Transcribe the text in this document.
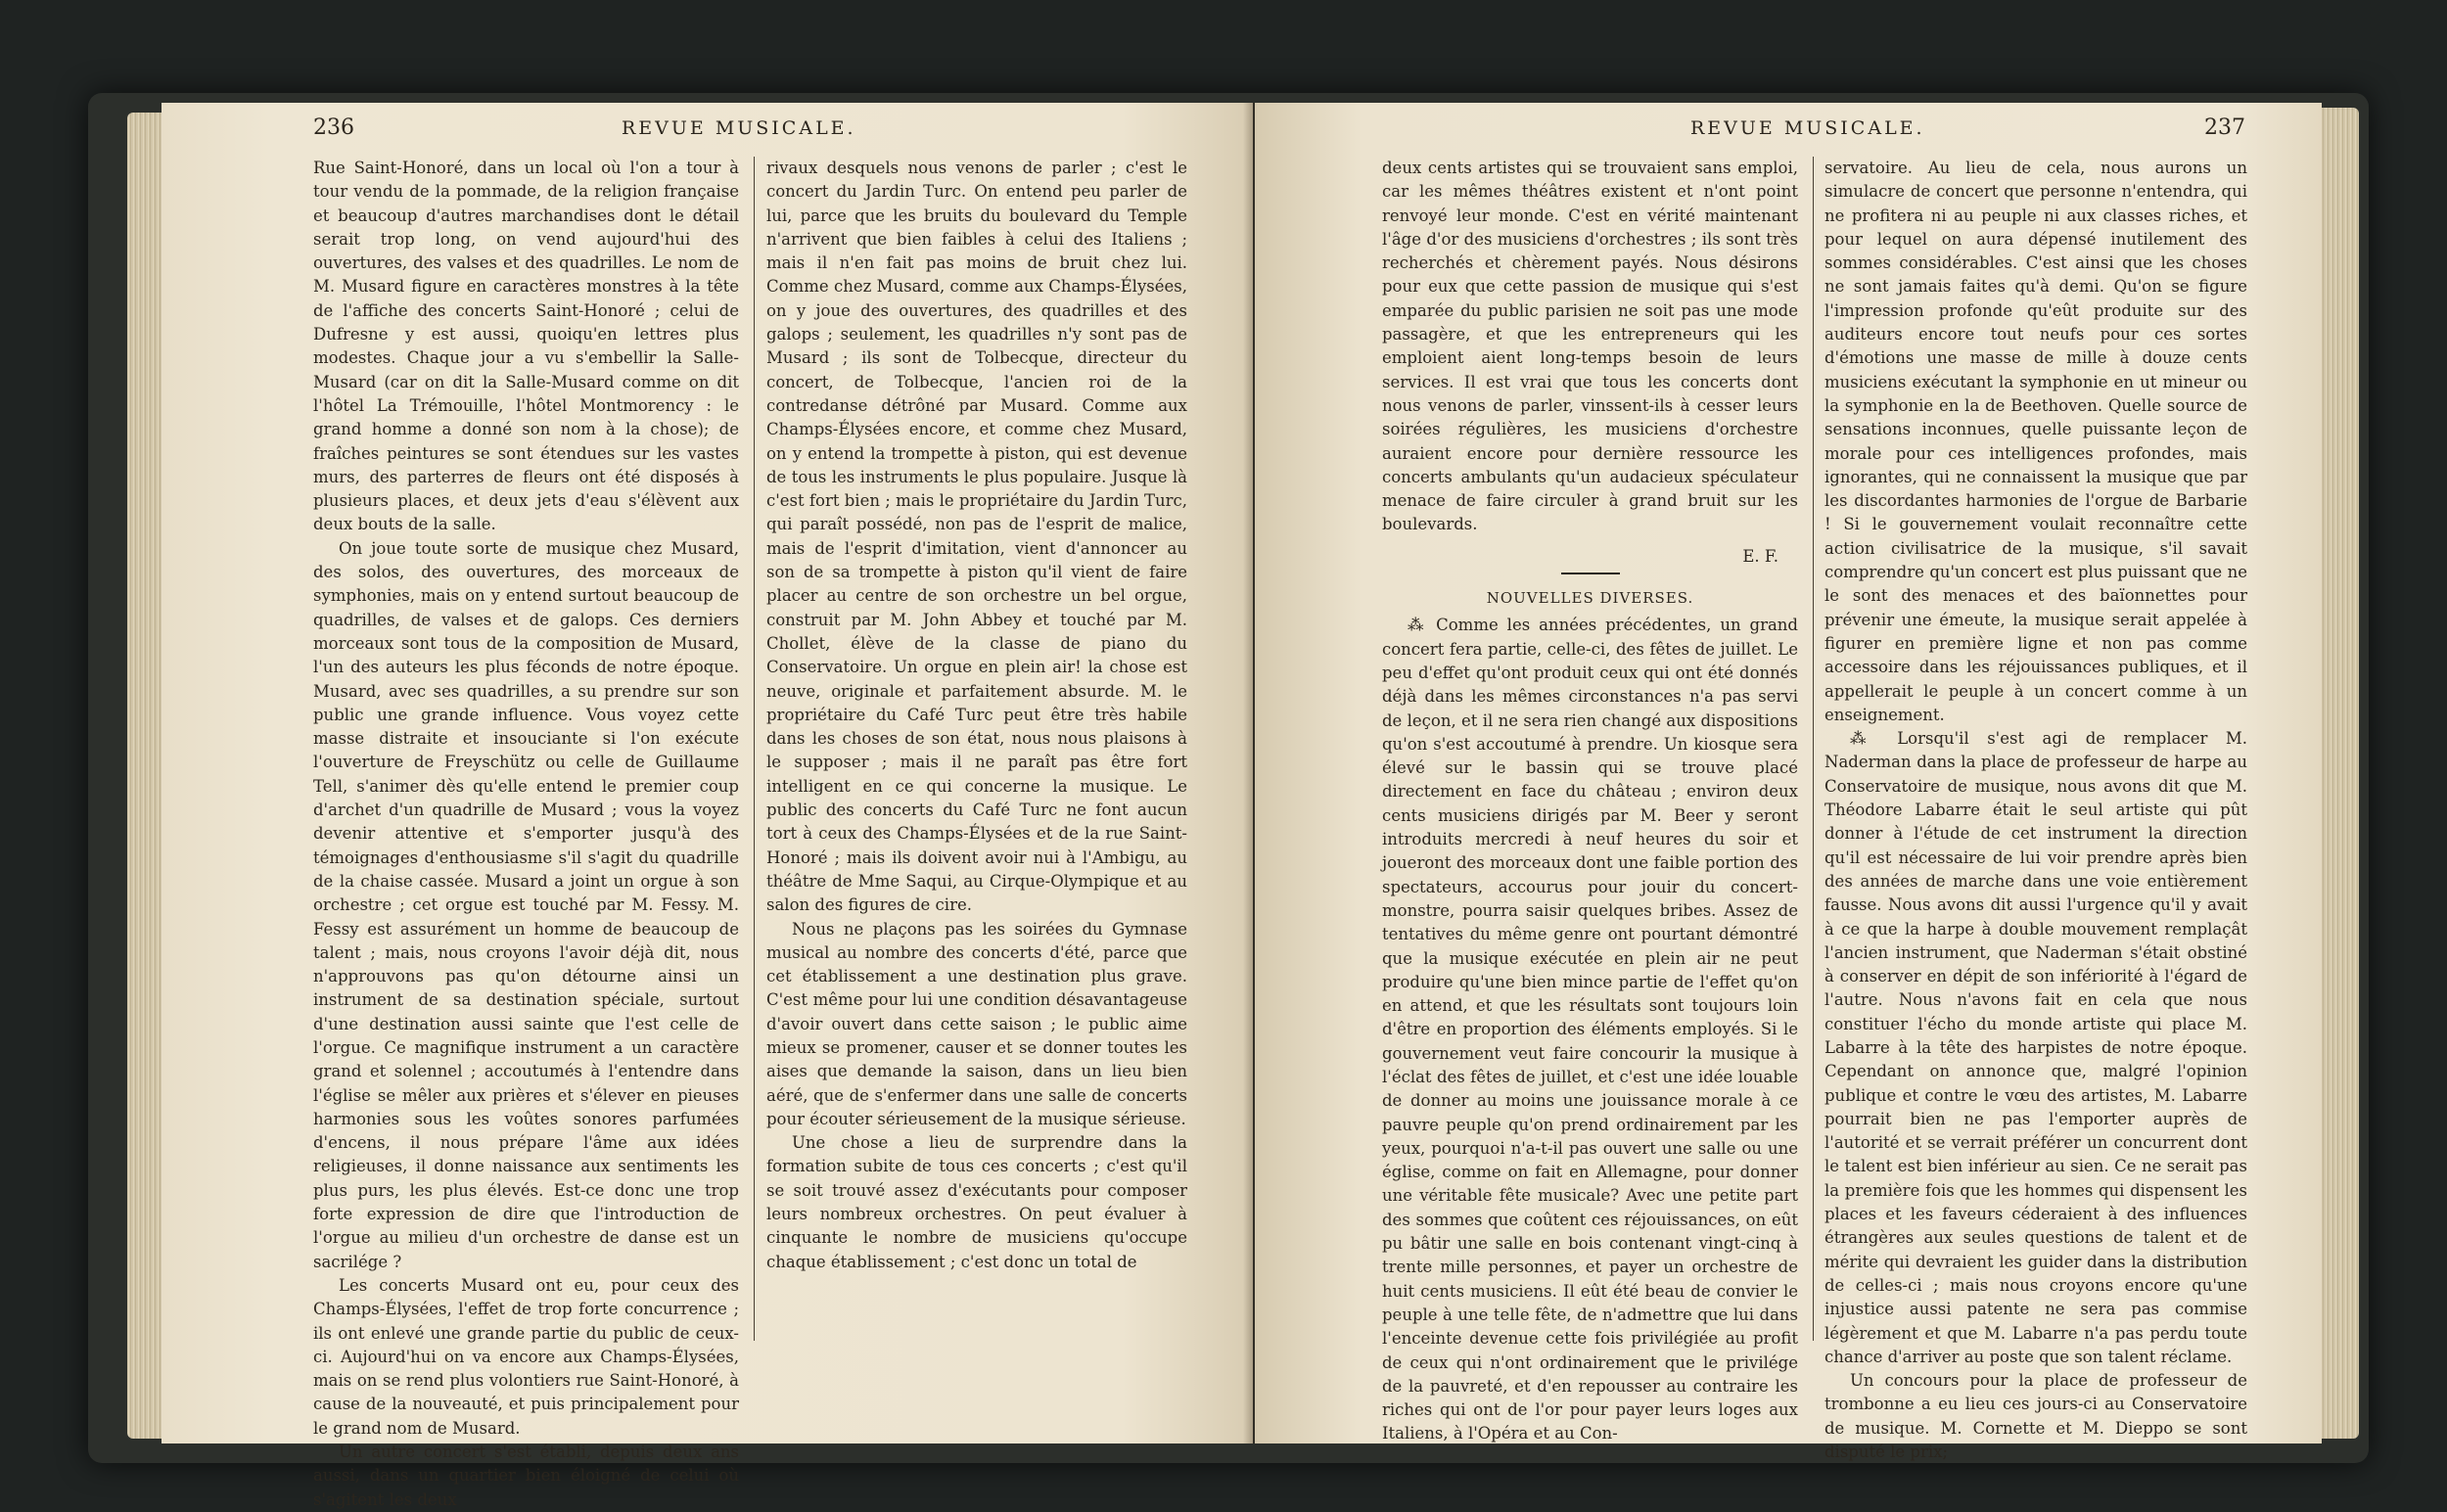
236	REVUE MUSICALE.

Rue Saint-Honoré, dans un local où l'on a tour à tour vendu de la pommade, de la religion française et beaucoup d'autres marchandises dont le détail serait trop long, on vend aujourd'hui des ouvertures, des valses et des quadrilles. Le nom de M. Musard figure en caractères monstres à la tête de l'affiche des concerts Saint-Honoré ; celui de Dufresne y est aussi, quoiqu'en lettres plus modestes. Chaque jour a vu s'embellir la Salle-Musard (car on dit la Salle-Musard comme on dit l'hôtel La Trémouille, l'hôtel Montmorency : le grand homme a donné son nom à la chose); de fraîches peintures se sont étendues sur les vastes murs, des parterres de fleurs ont été disposés à plusieurs places, et deux jets d'eau s'élèvent aux deux bouts de la salle.

On joue toute sorte de musique chez Musard, des solos, des ouvertures, des morceaux de symphonies, mais on y entend surtout beaucoup de quadrilles, de valses et de galops. Ces derniers morceaux sont tous de la composition de Musard, l'un des auteurs les plus féconds de notre époque. Musard, avec ses quadrilles, a su prendre sur son public une grande influence. Vous voyez cette masse distraite et insouciante si l'on exécute l'ouverture de Freyschütz ou celle de Guillaume Tell, s'animer dès qu'elle entend le premier coup d'archet d'un quadrille de Musard ; vous la voyez devenir attentive et s'emporter jusqu'à des témoignages d'enthousiasme s'il s'agit du quadrille de la chaise cassée. Musard a joint un orgue à son orchestre ; cet orgue est touché par M. Fessy. M. Fessy est assurément un homme de beaucoup de talent ; mais, nous croyons l'avoir déjà dit, nous n'approuvons pas qu'on détourne ainsi un instrument de sa destination spéciale, surtout d'une destination aussi sainte que l'est celle de l'orgue. Ce magnifique instrument a un caractère grand et solennel ; accoutumés à l'entendre dans l'église se mêler aux prières et s'élever en pieuses harmonies sous les voûtes sonores parfumées d'encens, il nous prépare l'âme aux idées religieuses, il donne naissance aux sentiments les plus purs, les plus élevés. Est-ce donc une trop forte expression de dire que l'introduction de l'orgue au milieu d'un orchestre de danse est un sacrilége ?

Les concerts Musard ont eu, pour ceux des Champs-Élysées, l'effet de trop forte concurrence ; ils ont enlevé une grande partie du public de ceux-ci. Aujourd'hui on va encore aux Champs-Élysées, mais on se rend plus volontiers rue Saint-Honoré, à cause de la nouveauté, et puis principalement pour le grand nom de Musard.

Un autre concert s'est établi, depuis deux ans aussi, dans un quartier bien éloigné de celui où s'agitent les deux

rivaux desquels nous venons de parler ; c'est le concert du Jardin Turc. On entend peu parler de lui, parce que les bruits du boulevard du Temple n'arrivent que bien faibles à celui des Italiens ; mais il n'en fait pas moins de bruit chez lui. Comme chez Musard, comme aux Champs-Élysées, on y joue des ouvertures, des quadrilles et des galops ; seulement, les quadrilles n'y sont pas de Musard ; ils sont de Tolbecque, directeur du concert, de Tolbecque, l'ancien roi de la contredanse détrôné par Musard. Comme aux Champs-Élysées encore, et comme chez Musard, on y entend la trompette à piston, qui est devenue de tous les instruments le plus populaire. Jusque là c'est fort bien ; mais le propriétaire du Jardin Turc, qui paraît possédé, non pas de l'esprit de malice, mais de l'esprit d'imitation, vient d'annoncer au son de sa trompette à piston qu'il vient de faire placer au centre de son orchestre un bel orgue, construit par M. John Abbey et touché par M. Chollet, élève de la classe de piano du Conservatoire. Un orgue en plein air! la chose est neuve, originale et parfaitement absurde. M. le propriétaire du Café Turc peut être très habile dans les choses de son état, nous nous plaisons à le supposer ; mais il ne paraît pas être fort intelligent en ce qui concerne la musique. Le public des concerts du Café Turc ne font aucun tort à ceux des Champs-Élysées et de la rue Saint-Honoré ; mais ils doivent avoir nui à l'Ambigu, au théâtre de Mme Saqui, au Cirque-Olympique et au salon des figures de cire.

Nous ne plaçons pas les soirées du Gymnase musical au nombre des concerts d'été, parce que cet établissement a une destination plus grave. C'est même pour lui une condition désavantageuse d'avoir ouvert dans cette saison ; le public aime mieux se promener, causer et se donner toutes les aises que demande la saison, dans un lieu bien aéré, que de s'enfermer dans une salle de concerts pour écouter sérieusement de la musique sérieuse.

Une chose a lieu de surprendre dans la formation subite de tous ces concerts ; c'est qu'il se soit trouvé assez d'exécutants pour composer leurs nombreux orchestres. On peut évaluer à cinquante le nombre de musiciens qu'occupe chaque établissement ; c'est donc un total de

REVUE MUSICALE.	237

deux cents artistes qui se trouvaient sans emploi, car les mêmes théâtres existent et n'ont point renvoyé leur monde. C'est en vérité maintenant l'âge d'or des musiciens d'orchestres ; ils sont très recherchés et chèrement payés. Nous désirons pour eux que cette passion de musique qui s'est emparée du public parisien ne soit pas une mode passagère, et que les entrepreneurs qui les emploient aient long-temps besoin de leurs services. Il est vrai que tous les concerts dont nous venons de parler, vinssent-ils à cesser leurs soirées régulières, les musiciens d'orchestre auraient encore pour dernière ressource les concerts ambulants qu'un audacieux spéculateur menace de faire circuler à grand bruit sur les boulevards.

E. F.
NOUVELLES DIVERSES.

⁂ Comme les années précédentes, un grand concert fera partie, celle-ci, des fêtes de juillet. Le peu d'effet qu'ont produit ceux qui ont été donnés déjà dans les mêmes circonstances n'a pas servi de leçon, et il ne sera rien changé aux dispositions qu'on s'est accoutumé à prendre. Un kiosque sera élevé sur le bassin qui se trouve placé directement en face du château ; environ deux cents musiciens dirigés par M. Beer y seront introduits mercredi à neuf heures du soir et joueront des morceaux dont une faible portion des spectateurs, accourus pour jouir du concert-monstre, pourra saisir quelques bribes. Assez de tentatives du même genre ont pourtant démontré que la musique exécutée en plein air ne peut produire qu'une bien mince partie de l'effet qu'on en attend, et que les résultats sont toujours loin d'être en proportion des éléments employés. Si le gouvernement veut faire concourir la musique à l'éclat des fêtes de juillet, et c'est une idée louable de donner au moins une jouissance morale à ce pauvre peuple qu'on prend ordinairement par les yeux, pourquoi n'a-t-il pas ouvert une salle ou une église, comme on fait en Allemagne, pour donner une véritable fête musicale? Avec une petite part des sommes que coûtent ces réjouissances, on eût pu bâtir une salle en bois contenant vingt-cinq à trente mille personnes, et payer un orchestre de huit cents musiciens. Il eût été beau de convier le peuple à une telle fête, de n'admettre que lui dans l'enceinte devenue cette fois privilégiée au profit de ceux qui n'ont ordinairement que le privilége de la pauvreté, et d'en repousser au contraire les riches qui ont de l'or pour payer leurs loges aux Italiens, à l'Opéra et au Con-

servatoire. Au lieu de cela, nous aurons un simulacre de concert que personne n'entendra, qui ne profitera ni au peuple ni aux classes riches, et pour lequel on aura dépensé inutilement des sommes considérables. C'est ainsi que les choses ne sont jamais faites qu'à demi. Qu'on se figure l'impression profonde qu'eût produite sur des auditeurs encore tout neufs pour ces sortes d'émotions une masse de mille à douze cents musiciens exécutant la symphonie en ut mineur ou la symphonie en la de Beethoven. Quelle source de sensations inconnues, quelle puissante leçon de morale pour ces intelligences profondes, mais ignorantes, qui ne connaissent la musique que par les discordantes harmonies de l'orgue de Barbarie ! Si le gouvernement voulait reconnaître cette action civilisatrice de la musique, s'il savait comprendre qu'un concert est plus puissant que ne le sont des menaces et des baïonnettes pour prévenir une émeute, la musique serait appelée à figurer en première ligne et non pas comme accessoire dans les réjouissances publiques, et il appellerait le peuple à un concert comme à un enseignement.

⁂ Lorsqu'il s'est agi de remplacer M. Naderman dans la place de professeur de harpe au Conservatoire de musique, nous avons dit que M. Théodore Labarre était le seul artiste qui pût donner à l'étude de cet instrument la direction qu'il est nécessaire de lui voir prendre après bien des années de marche dans une voie entièrement fausse. Nous avons dit aussi l'urgence qu'il y avait à ce que la harpe à double mouvement remplaçât l'ancien instrument, que Naderman s'était obstiné à conserver en dépit de son infériorité à l'égard de l'autre. Nous n'avons fait en cela que nous constituer l'écho du monde artiste qui place M. Labarre à la tête des harpistes de notre époque. Cependant on annonce que, malgré l'opinion publique et contre le vœu des artistes, M. Labarre pourrait bien ne pas l'emporter auprès de l'autorité et se verrait préférer un concurrent dont le talent est bien inférieur au sien. Ce ne serait pas la première fois que les hommes qui dispensent les places et les faveurs céderaient à des influences étrangères aux seules questions de talent et de mérite qui devraient les guider dans la distribution de celles-ci ; mais nous croyons encore qu'une injustice aussi patente ne sera pas commise légèrement et que M. Labarre n'a pas perdu toute chance d'arriver au poste que son talent réclame.

Un concours pour la place de professeur de trombonne a eu lieu ces jours-ci au Conservatoire de musique. M. Cornette et M. Dieppo se sont disputé le prix;
